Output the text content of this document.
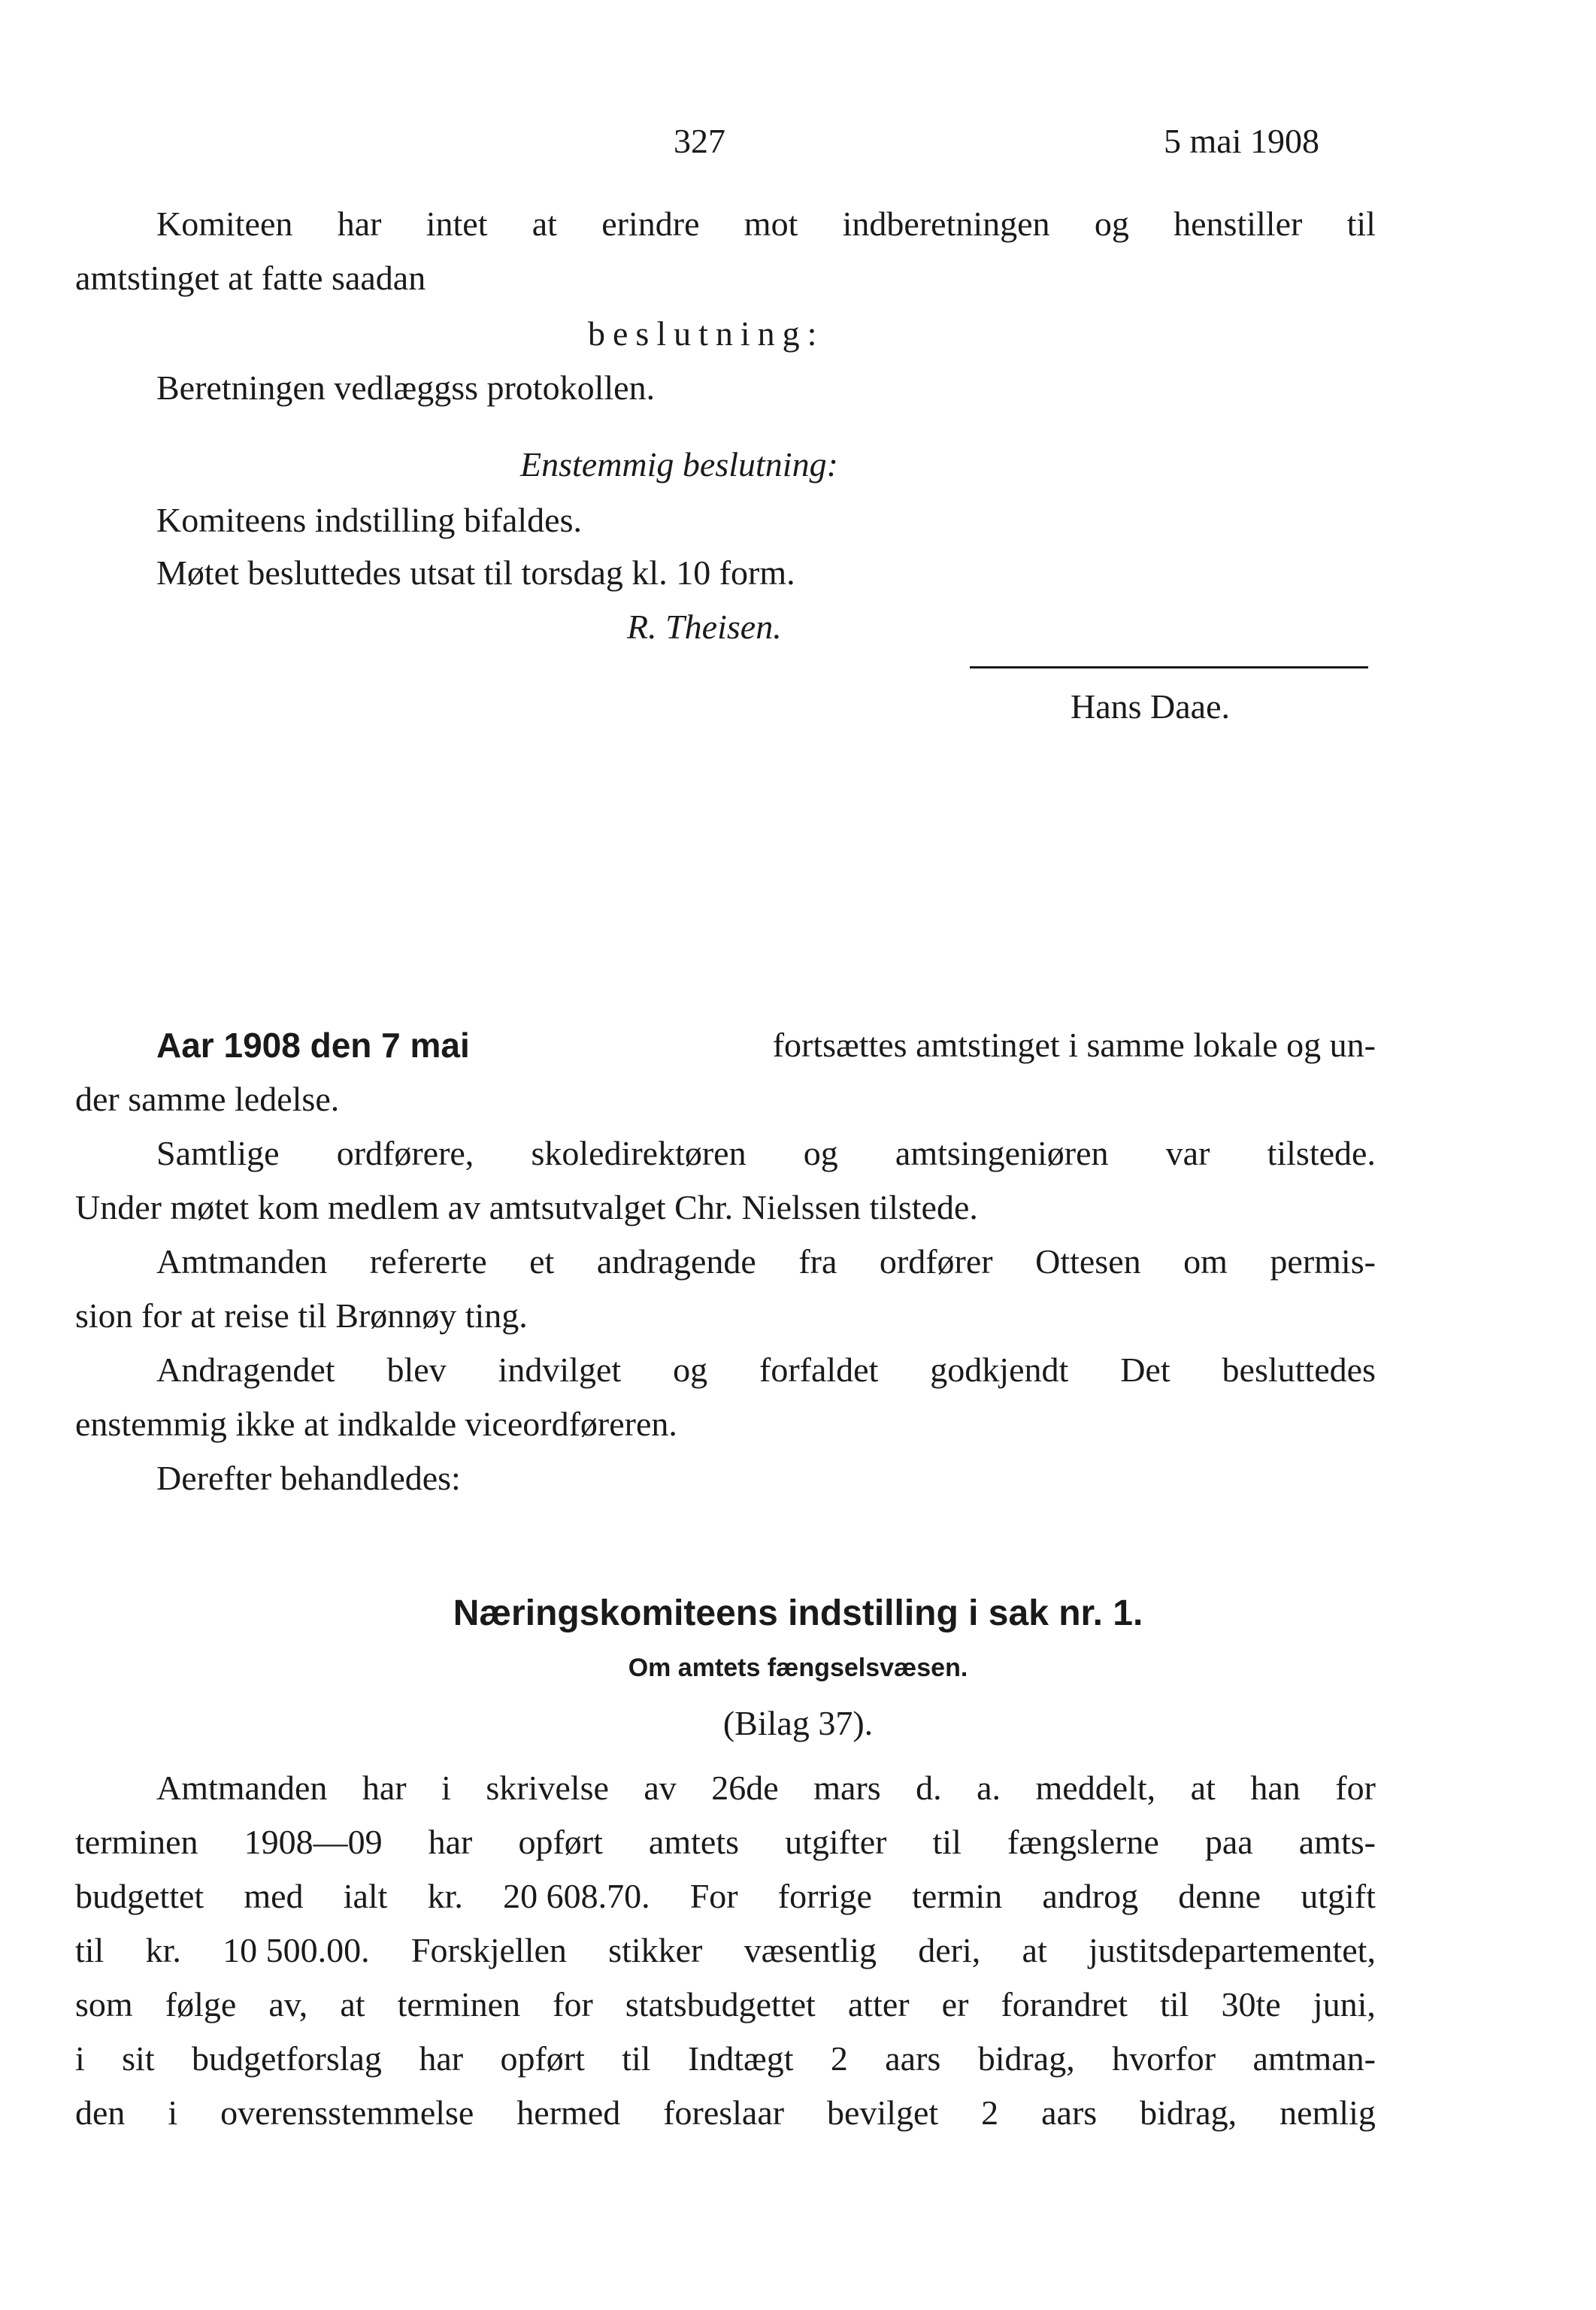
327	5 mai 1908
Komiteen har intet at erindre mot indberetningen og henstiller til
amtstinget at fatte saadan
beslutning:
Beretningen vedlæggss protokollen.
Enstemmig beslutning:
Komiteens indstilling bifaldes.
Møtet besluttedes utsat til torsdag kl. 10 form.
R. Theisen.
Hans Daae.
Aar 1908 den 7 mai	fortsættes amtstinget i samme lokale og un-
der samme ledelse.
Samtlige ordførere, skoledirektøren og amtsingeniøren var tilstede.
Under møtet kom medlem av amtsutvalget Chr. Nielssen tilstede.
Amtmanden refererte et andragende fra ordfører Ottesen om permis-
sion for at reise til Brønnøy ting.
Andragendet blev indvilget og forfaldet godkjendt Det besluttedes
enstemmig ikke at indkalde viceordføreren.
Derefter behandledes:
Næringskomiteens indstilling i sak nr. 1.
Om amtets fængselsvæsen.
(Bilag 37).
Amtmanden har i skrivelse av 26de mars d. a. meddelt, at han for
terminen 1908—09 har opført amtets utgifter til fængslerne paa amts-
budgettet med ialt kr. 20 608.70. For forrige termin androg denne utgift
til kr. 10 500.00. Forskjellen stikker væsentlig deri, at justitsdepartementet,
som følge av, at terminen for statsbudgettet atter er forandret til 30te juni,
i sit budgetforslag har opført til Indtægt 2 aars bidrag, hvorfor amtman-
den i overensstemmelse hermed foreslaar bevilget 2 aars bidrag, nemlig
